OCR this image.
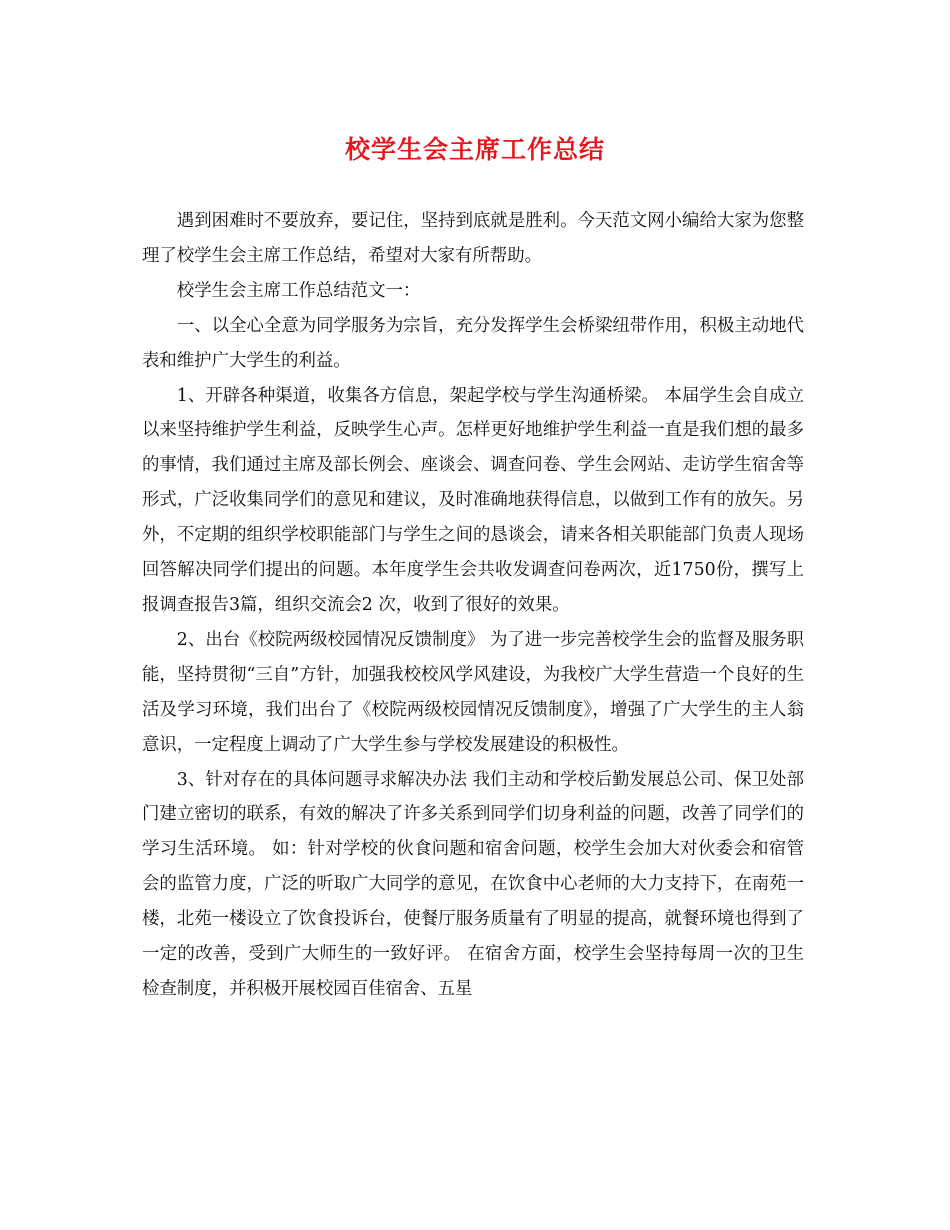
校学生会主席工作总结

遇到困难时不要放弃，要记住，坚持到底就是胜利。今天范文网小编给大家为您整理了校学生会主席工作总结，希望对大家有所帮助。

校学生会主席工作总结范文一：

一、以全心全意为同学服务为宗旨，充分发挥学生会桥梁纽带作用，积极主动地代表和维护广大学生的利益。

1、开辟各种渠道，收集各方信息，架起学校与学生沟通桥梁。 本届学生会自成立以来坚持维护学生利益，反映学生心声。怎样更好地维护学生利益一直是我们想的最多的事情，我们通过主席及部长例会、座谈会、调查问卷、学生会网站、走访学生宿舍等形式，广泛收集同学们的意见和建议，及时准确地获得信息，以做到工作有的放矢。另外，不定期的组织学校职能部门与学生之间的恳谈会，请来各相关职能部门负责人现场回答解决同学们提出的问题。本年度学生会共收发调查问卷两次，近1750份，撰写上报调查报告3篇，组织交流会2 次，收到了很好的效果。

2、出台《校院两级校园情况反馈制度》 为了进一步完善校学生会的监督及服务职能，坚持贯彻“三自”方针，加强我校校风学风建设，为我校广大学生营造一个良好的生活及学习环境，我们出台了《校院两级校园情况反馈制度》，增强了广大学生的主人翁意识，一定程度上调动了广大学生参与学校发展建设的积极性。

3、针对存在的具体问题寻求解决办法 我们主动和学校后勤发展总公司、保卫处部门建立密切的联系，有效的解决了许多关系到同学们切身利益的问题，改善了同学们的学习生活环境。 如：针对学校的伙食问题和宿舍问题，校学生会加大对伙委会和宿管会的监管力度，广泛的听取广大同学的意见，在饮食中心老师的大力支持下，在南苑一楼，北苑一楼设立了饮食投诉台，使餐厅服务质量有了明显的提高，就餐环境也得到了一定的改善，受到广大师生的一致好评。 在宿舍方面，校学生会坚持每周一次的卫生检查制度，并积极开展校园百佳宿舍、五星
